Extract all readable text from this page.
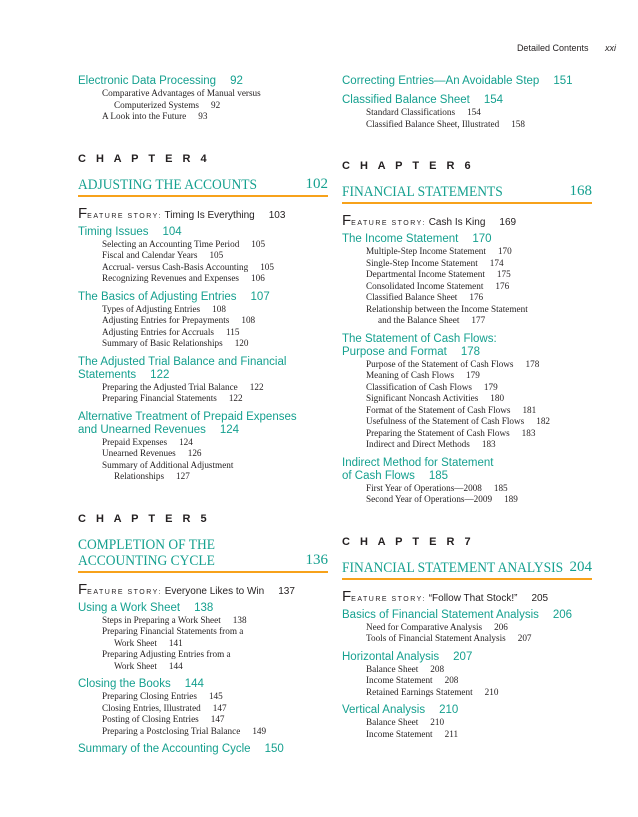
Detailed Contents xxi
Electronic Data Processing 92
Comparative Advantages of Manual versus
Computerized Systems 92
A Look into the Future 93
C H A P T E R 4
ADJUSTING THE ACCOUNTS	102
FEATURE STORY: Timing Is Everything 103
Timing Issues 104
Selecting an Accounting Time Period 105
Fiscal and Calendar Years 105
Accrual- versus Cash-Basis Accounting 105
Recognizing Revenues and Expenses 106
The Basics of Adjusting Entries 107
Types of Adjusting Entries 108
Adjusting Entries for Prepayments 108
Adjusting Entries for Accruals 115
Summary of Basic Relationships 120
The Adjusted Trial Balance and Financial
Statements 122
Preparing the Adjusted Trial Balance 122
Preparing Financial Statements 122
Alternative Treatment of Prepaid Expenses
and Unearned Revenues 124
Prepaid Expenses 124
Unearned Revenues 126
Summary of Additional Adjustment
Relationships 127
C H A P T E R 5
COMPLETION OF THE
ACCOUNTING CYCLE	136
FEATURE STORY: Everyone Likes to Win 137
Using a Work Sheet 138
Steps in Preparing a Work Sheet 138
Preparing Financial Statements from a
Work Sheet 141
Preparing Adjusting Entries from a
Work Sheet 144
Closing the Books 144
Preparing Closing Entries 145
Closing Entries, Illustrated 147
Posting of Closing Entries 147
Preparing a Postclosing Trial Balance 149
Summary of the Accounting Cycle 150
Correcting Entries—An Avoidable Step 151
Classified Balance Sheet 154
Standard Classifications 154
Classified Balance Sheet, Illustrated 158
C H A P T E R 6
FINANCIAL STATEMENTS	168
FEATURE STORY: Cash Is King 169
The Income Statement 170
Multiple-Step Income Statement 170
Single-Step Income Statement 174
Departmental Income Statement 175
Consolidated Income Statement 176
Classified Balance Sheet 176
Relationship between the Income Statement
and the Balance Sheet 177
The Statement of Cash Flows:
Purpose and Format 178
Purpose of the Statement of Cash Flows 178
Meaning of Cash Flows 179
Classification of Cash Flows 179
Significant Noncash Activities 180
Format of the Statement of Cash Flows 181
Usefulness of the Statement of Cash Flows 182
Preparing the Statement of Cash Flows 183
Indirect and Direct Methods 183
Indirect Method for Statement
of Cash Flows 185
First Year of Operations—2008 185
Second Year of Operations—2009 189
C H A P T E R 7
FINANCIAL STATEMENT ANALYSIS 204
FEATURE STORY: “Follow That Stock!” 205
Basics of Financial Statement Analysis 206
Need for Comparative Analysis 206
Tools of Financial Statement Analysis 207
Horizontal Analysis 207
Balance Sheet 208
Income Statement 208
Retained Earnings Statement 210
Vertical Analysis 210
Balance Sheet 210
Income Statement 211
